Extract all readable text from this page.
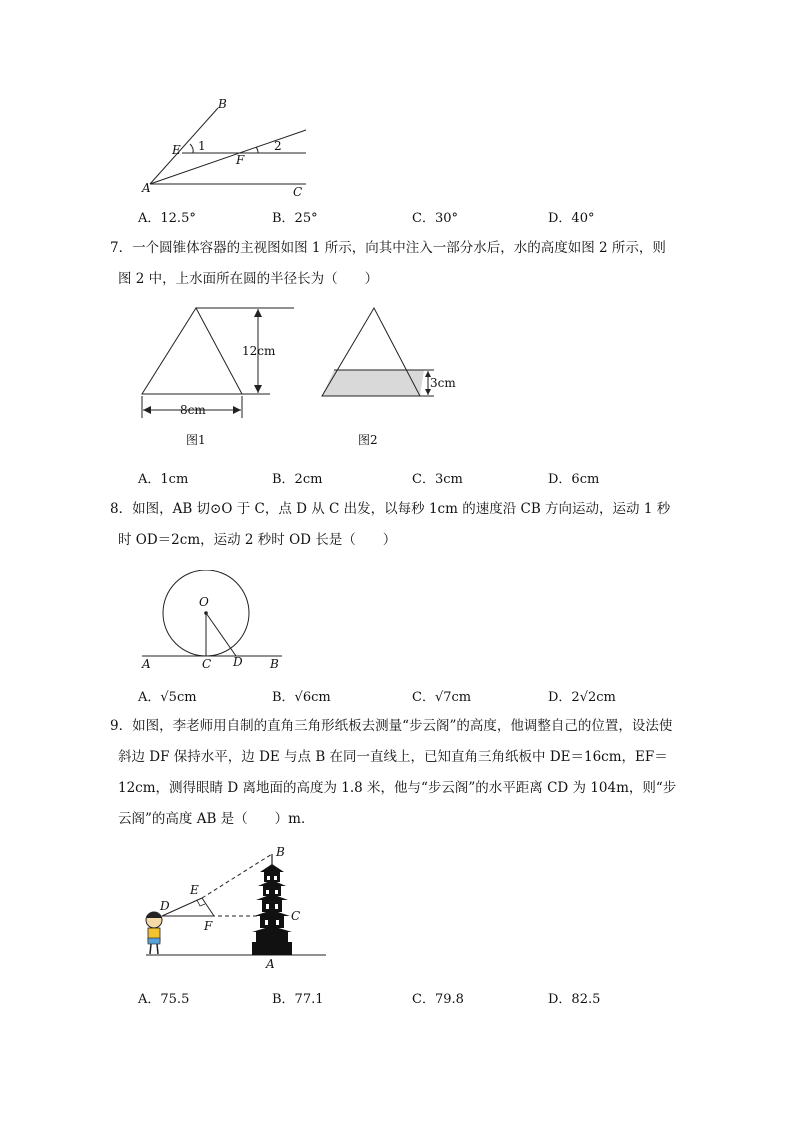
B
E 1
F
2
A	C
A．12.5°	B．25°	C．30°	D．40°
7．一个圆锥体容器的主视图如图 1 所示，向其中注入一部分水后，水的高度如图 2 所示，则图 2 中，上水面所在圆的半径长为（　　）
12cm
8cm
图1
3cm
图2
A．1cm	B．2cm	C．3cm	D．6cm
8．如图，AB 切⊙O 于 C，点 D 从 C 出发，以每秒 1cm 的速度沿 CB 方向运动，运动 1 秒时 OD＝2cm，运动 2 秒时 OD 长是（　　）
O
A	C D B
A．√5cm	B．√6cm	C．√7cm	D．2√2cm
9．如图，李老师用自制的直角三角形纸板去测量“步云阁”的高度，他调整自己的位置，设法使斜边 DF 保持水平，边 DE 与点 B 在同一直线上，已知直角三角纸板中 DE＝16cm，EF＝12cm，测得眼睛 D 离地面的高度为 1.8 米，他与“步云阁”的水平距离 CD 为 104m，则“步云阁”的高度 AB 是（　　）m．
B
E
D
F
C
A
A．75.5	B．77.1	C．79.8	D．82.5
